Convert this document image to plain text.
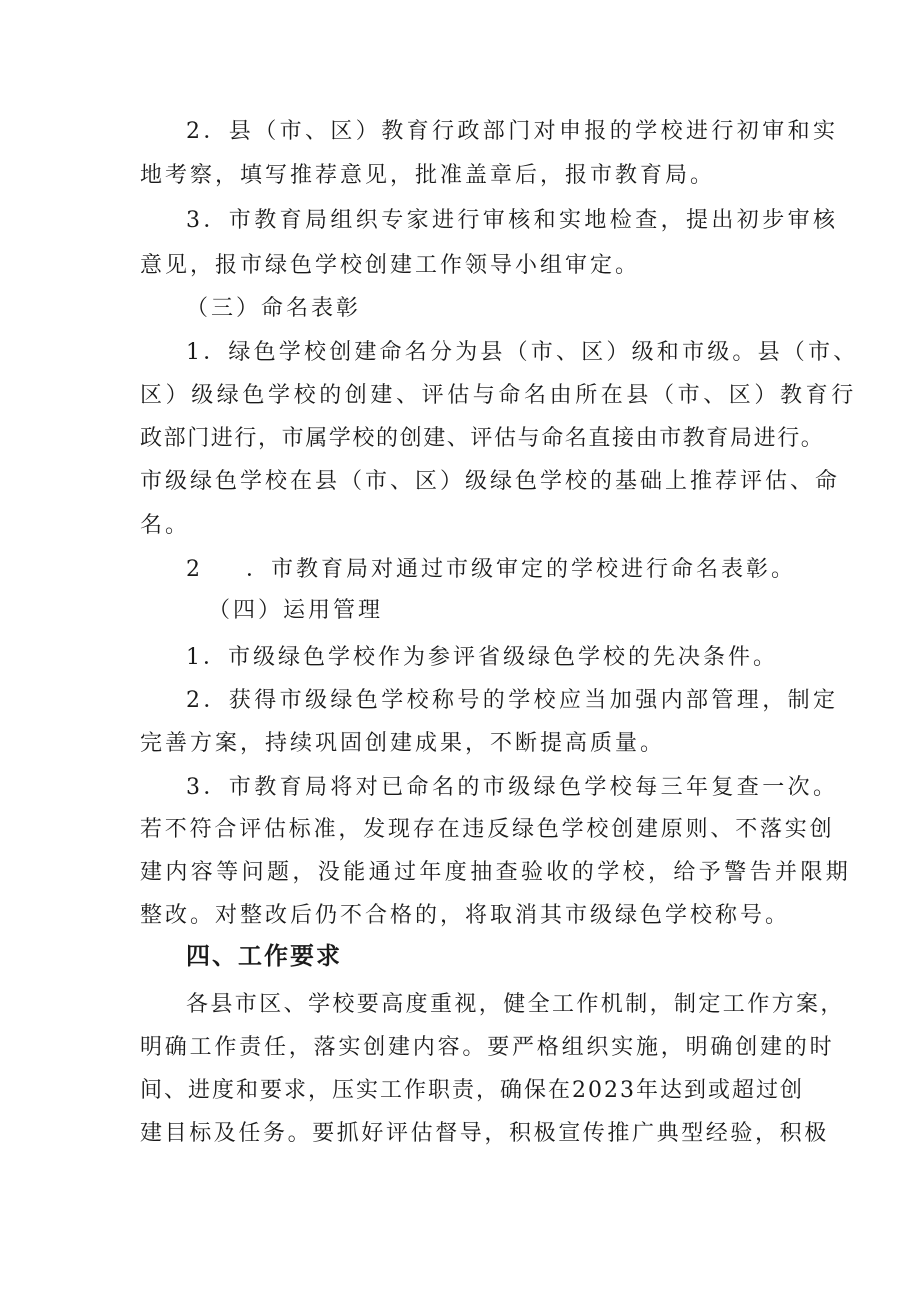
2．县（市、区）教育行政部门对申报的学校进行初审和实
地考察，填写推荐意见，批准盖章后，报市教育局。
3．市教育局组织专家进行审核和实地检查，提出初步审核
意见，报市绿色学校创建工作领导小组审定。
（三）命名表彰
1．绿色学校创建命名分为县（市、区）级和市级。县（市、
区）级绿色学校的创建、评估与命名由所在县（市、区）教育行
政部门进行，市属学校的创建、评估与命名直接由市教育局进行。
市级绿色学校在县（市、区）级绿色学校的基础上推荐评估、命
名。
2 ．市教育局对通过市级审定的学校进行命名表彰。
（四）运用管理
1．市级绿色学校作为参评省级绿色学校的先决条件。
2．获得市级绿色学校称号的学校应当加强内部管理，制定
完善方案，持续巩固创建成果，不断提高质量。
3．市教育局将对已命名的市级绿色学校每三年复查一次。
若不符合评估标准，发现存在违反绿色学校创建原则、不落实创
建内容等问题，没能通过年度抽查验收的学校，给予警告并限期
整改。对整改后仍不合格的，将取消其市级绿色学校称号。
四、工作要求
各县市区、学校要高度重视，健全工作机制，制定工作方案，
明确工作责任，落实创建内容。要严格组织实施，明确创建的时
间、进度和要求，压实工作职责，确保在2023年达到或超过创
建目标及任务。要抓好评估督导，积极宣传推广典型经验，积极
